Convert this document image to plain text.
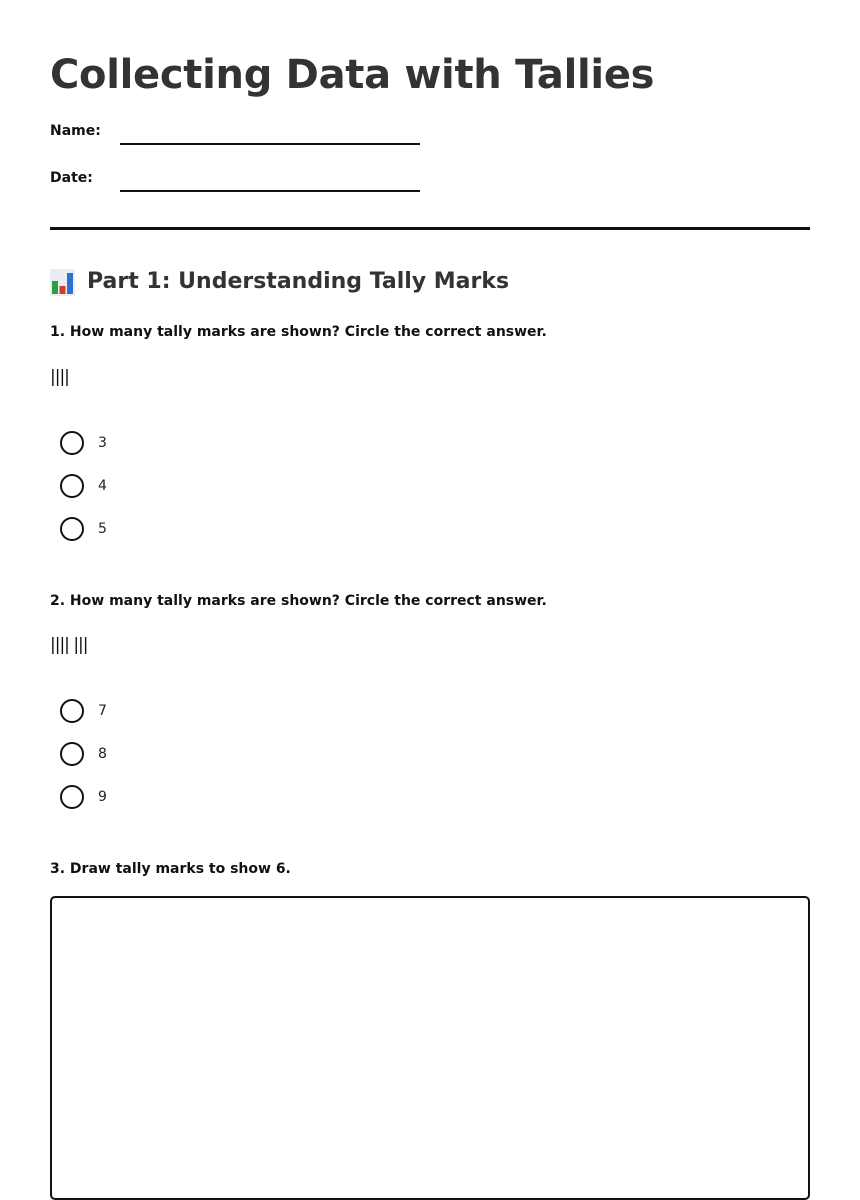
Collecting Data with Tallies
Name:
Date:
Part 1: Understanding Tally Marks

1. How many tally marks are shown? Circle the correct answer.

||||
3
4
5

2. How many tally marks are shown? Circle the correct answer.

|||| |||
7
8
9

3. Draw tally marks to show 6.
